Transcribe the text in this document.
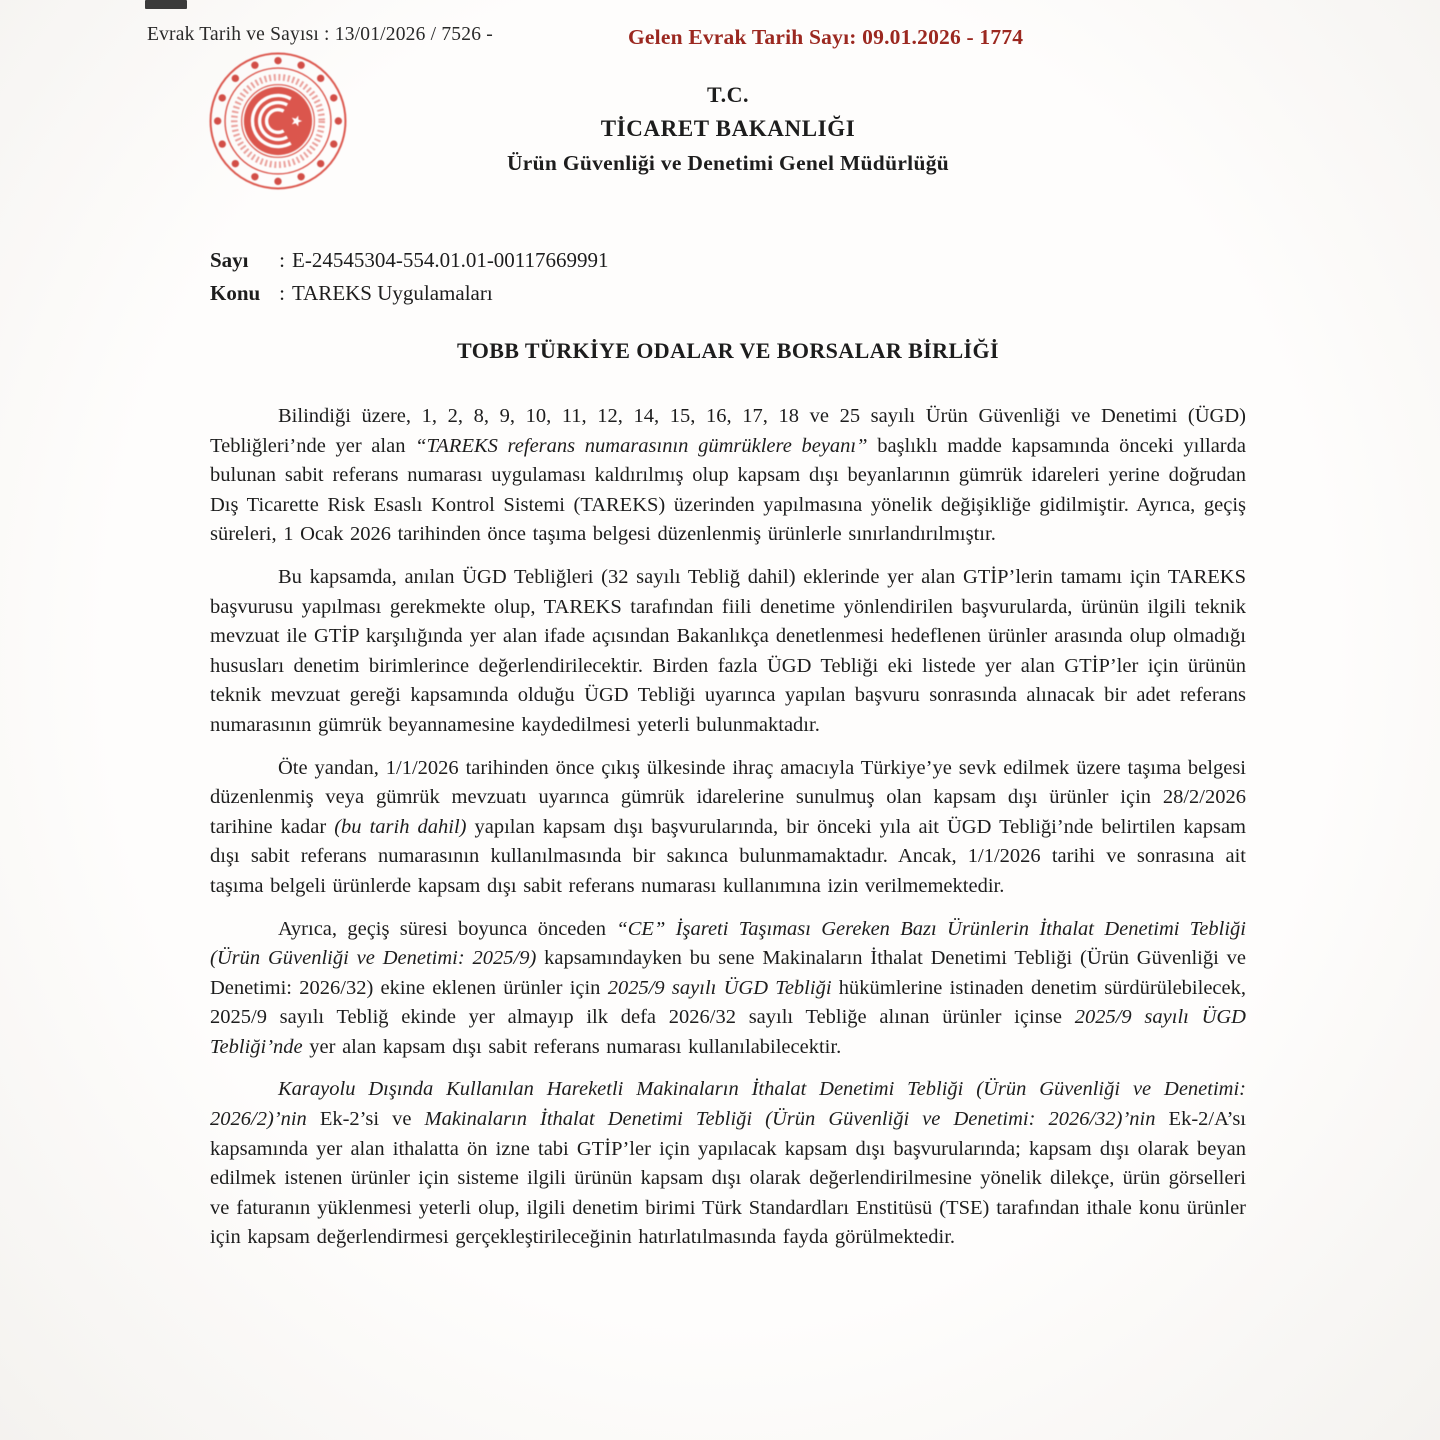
Evrak Tarih ve Sayısı : 13/01/2026 / 7526 -	Gelen Evrak Tarih Sayı: 09.01.2026 - 1774
T.C.
TİCARET BAKANLIĞI
Ürün Güvenliği ve Denetimi Genel Müdürlüğü
Sayı	: E-24545304-554.01.01-00117669991
Konu : TAREKS Uygulamaları
TOBB TÜRKİYE ODALAR VE BORSALAR BİRLİĞİ
Bilindiği üzere, 1, 2, 8, 9, 10, 11, 12, 14, 15, 16, 17, 18 ve 25 sayılı Ürün Güvenliği ve Denetimi (ÜGD) Tebliğleri’nde yer alan “TAREKS referans numarasının gümrüklere beyanı” başlıklı madde kapsamında önceki yıllarda bulunan sabit referans numarası uygulaması kaldırılmış olup kapsam dışı beyanlarının gümrük idareleri yerine doğrudan Dış Ticarette Risk Esaslı Kontrol Sistemi (TAREKS) üzerinden yapılmasına yönelik değişikliğe gidilmiştir. Ayrıca, geçiş süreleri, 1 Ocak 2026 tarihinden önce taşıma belgesi düzenlenmiş ürünlerle sınırlandırılmıştır.
Bu kapsamda, anılan ÜGD Tebliğleri (32 sayılı Tebliğ dahil) eklerinde yer alan GTİP’lerin tamamı için TAREKS başvurusu yapılması gerekmekte olup, TAREKS tarafından fiili denetime yönlendirilen başvurularda, ürünün ilgili teknik mevzuat ile GTİP karşılığında yer alan ifade açısından Bakanlıkça denetlenmesi hedeflenen ürünler arasında olup olmadığı hususları denetim birimlerince değerlendirilecektir. Birden fazla ÜGD Tebliği eki listede yer alan GTİP’ler için ürünün teknik mevzuat gereği kapsamında olduğu ÜGD Tebliği uyarınca yapılan başvuru sonrasında alınacak bir adet referans numarasının gümrük beyannamesine kaydedilmesi yeterli bulunmaktadır.
Öte yandan, 1/1/2026 tarihinden önce çıkış ülkesinde ihraç amacıyla Türkiye’ye sevk edilmek üzere taşıma belgesi düzenlenmiş veya gümrük mevzuatı uyarınca gümrük idarelerine sunulmuş olan kapsam dışı ürünler için 28/2/2026 tarihine kadar (bu tarih dahil) yapılan kapsam dışı başvurularında, bir önceki yıla ait ÜGD Tebliği’nde belirtilen kapsam dışı sabit referans numarasının kullanılmasında bir sakınca bulunmamaktadır. Ancak, 1/1/2026 tarihi ve sonrasına ait taşıma belgeli ürünlerde kapsam dışı sabit referans numarası kullanımına izin verilmemektedir.
Ayrıca, geçiş süresi boyunca önceden “CE” İşareti Taşıması Gereken Bazı Ürünlerin İthalat Denetimi Tebliği (Ürün Güvenliği ve Denetimi: 2025/9) kapsamındayken bu sene Makinaların İthalat Denetimi Tebliği (Ürün Güvenliği ve Denetimi: 2026/32) ekine eklenen ürünler için 2025/9 sayılı ÜGD Tebliği hükümlerine istinaden denetim sürdürülebilecek, 2025/9 sayılı Tebliğ ekinde yer almayıp ilk defa 2026/32 sayılı Tebliğe alınan ürünler içinse 2025/9 sayılı ÜGD Tebliği’nde yer alan kapsam dışı sabit referans numarası kullanılabilecektir.
Karayolu Dışında Kullanılan Hareketli Makinaların İthalat Denetimi Tebliği (Ürün Güvenliği ve Denetimi: 2026/2)’nin Ek-2’si ve Makinaların İthalat Denetimi Tebliği (Ürün Güvenliği ve Denetimi: 2026/32)’nin Ek-2/A’sı kapsamında yer alan ithalatta ön izne tabi GTİP’ler için yapılacak kapsam dışı başvurularında; kapsam dışı olarak beyan edilmek istenen ürünler için sisteme ilgili ürünün kapsam dışı olarak değerlendirilmesine yönelik dilekçe, ürün görselleri ve faturanın yüklenmesi yeterli olup, ilgili denetim birimi Türk Standardları Enstitüsü (TSE) tarafından ithale konu ürünler için kapsam değerlendirmesi gerçekleştirileceğinin hatırlatılmasında fayda görülmektedir.
